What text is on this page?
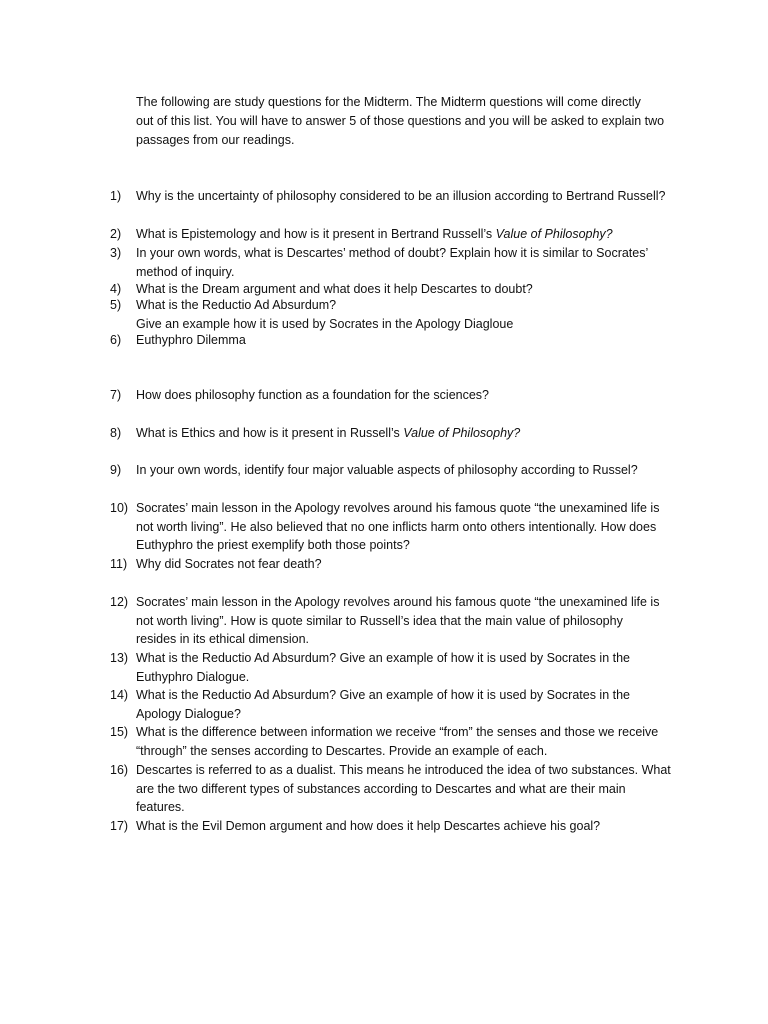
The following are study questions for the Midterm. The Midterm questions will come directly
out of this list. You will have to answer 5 of those questions and you will be asked to explain two
passages from our readings.
1)	Why is the uncertainty of philosophy considered to be an illusion according to Bertrand Russell?
2)	What is Epistemology and how is it present in Bertrand Russell’s Value of Philosophy?
3)	In your own words, what is Descartes’ method of doubt? Explain how it is similar to Socrates’
method of inquiry.
4)	What is the Dream argument and what does it help Descartes to doubt?
5)	What is the Reductio Ad Absurdum?
Give an example how it is used by Socrates in the Apology Diagloue
6)	Euthyphro Dilemma
7)	How does philosophy function as a foundation for the sciences?
8)	What is Ethics and how is it present in Russell’s Value of Philosophy?
9)	In your own words, identify four major valuable aspects of philosophy according to Russel?
10) Socrates’ main lesson in the Apology revolves around his famous quote “the unexamined life is
not worth living”. He also believed that no one inflicts harm onto others intentionally. How does
Euthyphro the priest exemplify both those points?
11) Why did Socrates not fear death?
12) Socrates’ main lesson in the Apology revolves around his famous quote “the unexamined life is
not worth living”. How is quote similar to Russell’s idea that the main value of philosophy
resides in its ethical dimension.
13) What is the Reductio Ad Absurdum? Give an example of how it is used by Socrates in the
Euthyphro Dialogue.
14) What is the Reductio Ad Absurdum? Give an example of how it is used by Socrates in the
Apology Dialogue?
15) What is the difference between information we receive “from” the senses and those we receive
“through” the senses according to Descartes. Provide an example of each.
16) Descartes is referred to as a dualist. This means he introduced the idea of two substances. What
are the two different types of substances according to Descartes and what are their main
features.
17) What is the Evil Demon argument and how does it help Descartes achieve his goal?
